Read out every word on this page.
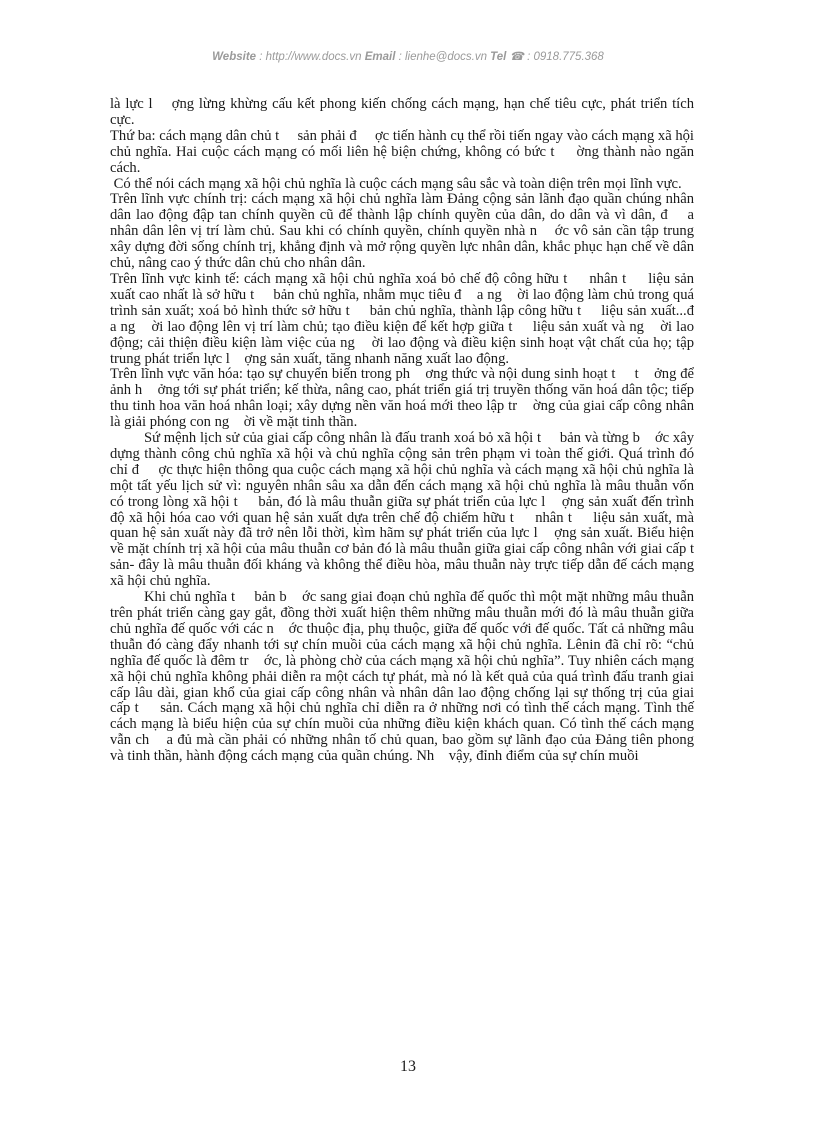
Website : http://www.docs.vn Email : lienhe@docs.vn Tel ☎ : 0918.775.368

là lực l    ợng lừng khừng cấu kết phong kiến chống cách mạng, hạn chế tiêu cực, phát triển tích cực.

Thứ ba: cách mạng dân chủ t     sản phải đ     ợc tiến hành cụ thể rồi tiến ngay vào cách mạng xã hội chủ nghĩa. Hai cuộc cách mạng có mối liên hệ biện chứng, không có bức t     ờng thành nào ngăn cách.

Có thể nói cách mạng xã hội chủ nghĩa là cuộc cách mạng sâu sắc và toàn diện trên mọi lĩnh vực.

Trên lĩnh vực chính trị: cách mạng xã hội chủ nghĩa làm Đảng cộng sản lãnh đạo quần chúng nhân dân lao động đập tan chính quyền cũ để thành lập chính quyền của dân, do dân và vì dân, đ    a nhân dân lên vị trí làm chủ. Sau khi có chính quyền, chính quyền nhà n    ớc vô sản cần tập trung xây dựng đời sống chính trị, khẳng định và mở rộng quyền lực nhân dân, khắc phục hạn chế về dân chủ, nâng cao ý thức dân chủ cho nhân dân.

Trên lĩnh vực kinh tế: cách mạng xã hội chủ nghĩa xoá bỏ chế độ công hữu t     nhân t     liệu sản xuất cao nhất là sở hữu t     bản chủ nghĩa, nhằm mục tiêu đ    a ng    ời lao động làm chủ trong quá trình sản xuất; xoá bỏ hình thức sở hữu t     bản chủ nghĩa, thành lập công hữu t     liệu sản xuất...đ    a ng    ời lao động lên vị trí làm chủ; tạo điều kiện để kết hợp giữa t     liệu sản xuất và ng    ời lao động; cải thiện điều kiện làm việc của ng    ời lao động và điều kiện sinh hoạt vật chất của họ; tập trung phát triển lực l    ợng sản xuất, tăng nhanh năng xuất lao động.

Trên lĩnh vực văn hóa: tạo sự chuyển biến trong ph    ơng thức và nội dung sinh hoạt t     t    ởng để ảnh h    ởng tới sự phát triển; kế thừa, nâng cao, phát triển giá trị truyền thống văn hoá dân tộc; tiếp thu tinh hoa văn hoá nhân loại; xây dựng nền văn hoá mới theo lập tr    ờng của giai cấp công nhân là giải phóng con ng    ời về mặt tinh thần.

Sứ mệnh lịch sử của giai cấp công nhân là đấu tranh xoá bỏ xã hội t     bản và từng b    ớc xây dựng thành công chủ nghĩa xã hội và chủ nghĩa cộng sản trên phạm vi toàn thế giới. Quá trình đó chỉ đ     ợc thực hiện thông qua cuộc cách mạng xã hội chủ nghĩa và cách mạng xã hội chủ nghĩa là một tất yếu lịch sử vì: nguyên nhân sâu xa dẫn đến cách mạng xã hội chủ nghĩa là mâu thuẫn vốn có trong lòng xã hội t     bản, đó là mâu thuẫn giữa sự phát triển của lực l    ợng sản xuất đến trình độ xã hội hóa cao với quan hệ sản xuất dựa trên chế độ chiếm hữu t     nhân t     liệu sản xuất, mà quan hệ sản xuất này đã trở nên lỗi thời, kìm hãm sự phát triển của lực l    ợng sản xuất. Biểu hiện về mặt chính trị xã hội của mâu thuẫn cơ bản đó là mâu thuẫn giữa giai cấp công nhân với giai cấp t     sản- đây là mâu thuẫn đối kháng và không thể điều hòa, mâu thuẫn này trực tiếp dẫn đế cách mạng xã hội chủ nghĩa.

Khi chủ nghĩa t     bản b    ớc sang giai đoạn chủ nghĩa đế quốc thì một mặt những mâu thuẫn trên phát triển càng gay gắt, đồng thời xuất hiện thêm những mâu thuẫn mới đó là mâu thuẫn giữa chủ nghĩa đế quốc với các n    ớc thuộc địa, phụ thuộc, giữa đế quốc với đế quốc. Tất cả những mâu thuẫn đó càng đẩy nhanh tới sự chín muồi của cách mạng xã hội chủ nghĩa. Lênin đã chỉ rõ: “chủ nghĩa đế quốc là đêm tr    ớc, là phòng chờ của cách mạng xã hội chủ nghĩa”. Tuy nhiên cách mạng xã hội chủ nghĩa không phải diễn ra một cách tự phát, mà nó là kết quả của quá trình đấu tranh giai cấp lâu dài, gian khổ của giai cấp công nhân và nhân dân lao động chống lại sự thống trị của giai cấp t     sản. Cách mạng xã hội chủ nghĩa chỉ diễn ra ở những nơi có tình thế cách mạng. Tình thế cách mạng là biểu hiện của sự chín muồi của những điều kiện khách quan. Có tình thế cách mạng vẫn ch    a đủ mà cần phải có những nhân tố chủ quan, bao gồm sự lãnh đạo của Đảng tiên phong và tinh thần, hành động cách mạng của quần chúng. Nh    vậy, đỉnh điểm của sự chín muồi

13
